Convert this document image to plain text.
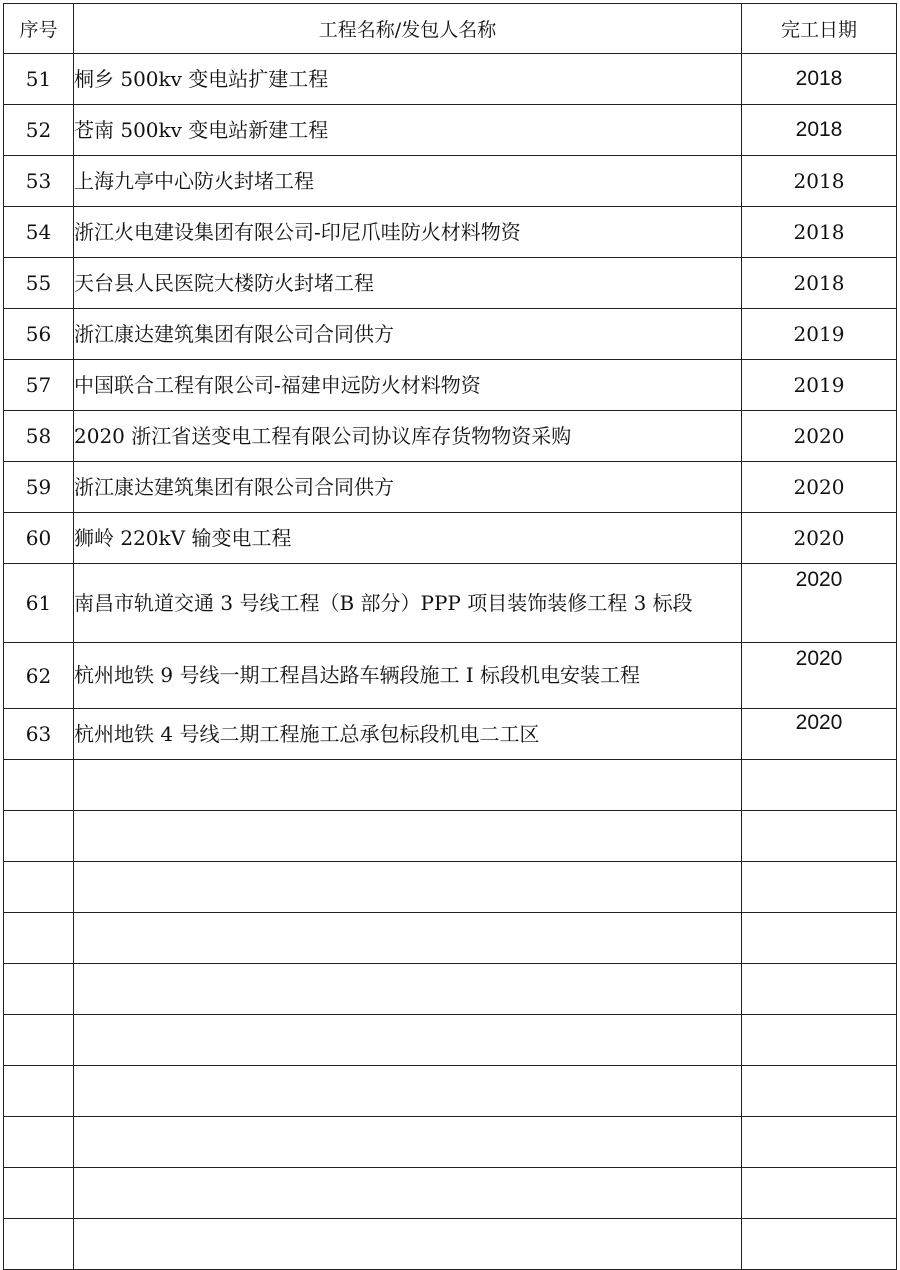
序号	工程名称/发包人名称	完工日期
51	桐乡 500kv 变电站扩建工程	2018
52	苍南 500kv 变电站新建工程	2018
53	上海九亭中心防火封堵工程	2018
54	浙江火电建设集团有限公司-印尼爪哇防火材料物资	2018
55	天台县人民医院大楼防火封堵工程	2018
56	浙江康达建筑集团有限公司合同供方	2019
57	中国联合工程有限公司-福建申远防火材料物资	2019
58	2020 浙江省送变电工程有限公司协议库存货物物资采购	2020
59	浙江康达建筑集团有限公司合同供方	2020
60	狮岭 220kV 输变电工程	2020
61	南昌市轨道交通 3 号线工程（B 部分）PPP 项目装饰装修工程 3 标段	2020
62	杭州地铁 9 号线一期工程昌达路车辆段施工 I 标段机电安装工程	2020
63	杭州地铁 4 号线二期工程施工总承包标段机电二工区	2020
